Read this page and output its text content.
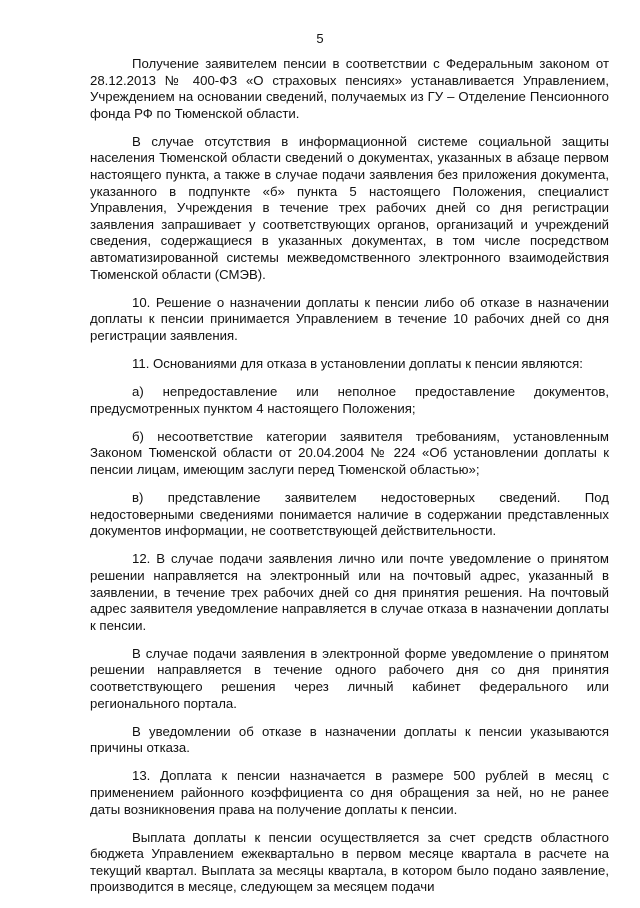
5

Получение заявителем пенсии в соответствии с Федеральным законом от 28.12.2013 № 400-ФЗ «О страховых пенсиях» устанавливается Управлением, Учреждением на основании сведений, получаемых из ГУ – Отделение Пенсионного фонда РФ по Тюменской области.

В случае отсутствия в информационной системе социальной защиты населения Тюменской области сведений о документах, указанных в абзаце первом настоящего пункта, а также в случае подачи заявления без приложения документа, указанного в подпункте «б» пункта 5 настоящего Положения, специалист Управления, Учреждения в течение трех рабочих дней со дня регистрации заявления запрашивает у соответствующих органов, организаций и учреждений сведения, содержащиеся в указанных документах, в том числе посредством автоматизированной системы межведомственного электронного взаимодействия Тюменской области (СМЭВ).

10. Решение о назначении доплаты к пенсии либо об отказе в назначении доплаты к пенсии принимается Управлением в течение 10 рабочих дней со дня регистрации заявления.

11. Основаниями для отказа в установлении доплаты к пенсии являются:

а) непредоставление или неполное предоставление документов, предусмотренных пунктом 4 настоящего Положения;

б) несоответствие категории заявителя требованиям, установленным Законом Тюменской области от 20.04.2004 № 224 «Об установлении доплаты к пенсии лицам, имеющим заслуги перед Тюменской областью»;

в) представление заявителем недостоверных сведений. Под недостоверными сведениями понимается наличие в содержании представленных документов информации, не соответствующей действительности.

12. В случае подачи заявления лично или почте уведомление о принятом решении направляется на электронный или на почтовый адрес, указанный в заявлении, в течение трех рабочих дней со дня принятия решения. На почтовый адрес заявителя уведомление направляется в случае отказа в назначении доплаты к пенсии.

В случае подачи заявления в электронной форме уведомление о принятом решении направляется в течение одного рабочего дня со дня принятия соответствующего решения через личный кабинет федерального или регионального портала.

В уведомлении об отказе в назначении доплаты к пенсии указываются причины отказа.

13. Доплата к пенсии назначается в размере 500 рублей в месяц с применением районного коэффициента со дня обращения за ней, но не ранее даты возникновения права на получение доплаты к пенсии.

Выплата доплаты к пенсии осуществляется за счет средств областного бюджета Управлением ежеквартально в первом месяце квартала в расчете на текущий квартал. Выплата за месяцы квартала, в котором было подано заявление, производится в месяце, следующем за месяцем подачи
